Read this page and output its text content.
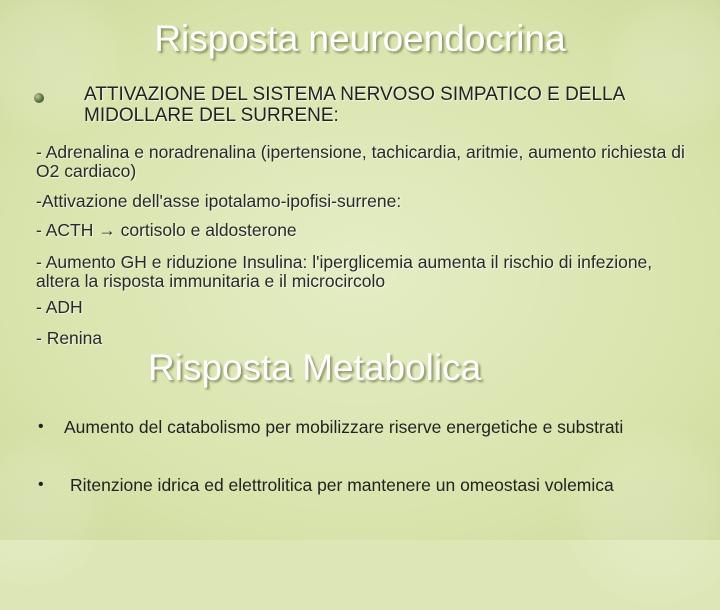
Risposta neuroendocrina
ATTIVAZIONE DEL SISTEMA NERVOSO SIMPATICO E DELLA MIDOLLARE DEL SURRENE:
- Adrenalina e noradrenalina (ipertensione, tachicardia, aritmie, aumento richiesta di O2 cardiaco)
-Attivazione dell'asse ipotalamo-ipofisi-surrene:
- ACTH → cortisolo e aldosterone
- Aumento GH e riduzione Insulina: l'iperglicemia aumenta il rischio di infezione, altera la risposta immunitaria e il microcircolo
- ADH
- Renina
Risposta Metabolica
• Aumento del catabolismo per mobilizzare riserve energetiche e substrati
• Ritenzione idrica ed elettrolitica per mantenere un omeostasi volemica
